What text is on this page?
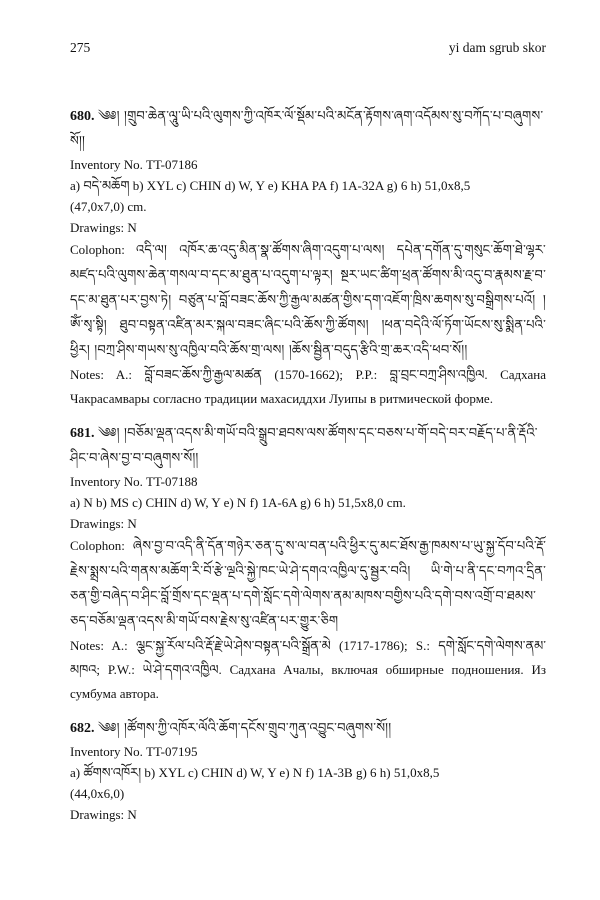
275	yi dam sgrub skor

680. ༄༅། །གྲུབ་ཆེན་ལཱུ་ཡི་པའི་ལུགས་ཀྱི་འཁོར་ལོ་སྡོམ་པའི་མངོན་རྟོགས་ཞག་འདོམས་སུ་བཀོད་པ་བཞུགས་སོ།།

Inventory No. TT-07186

a) བདེ་མཆོག b) XYL c) CHIN d) W, Y e) KHA PA f) 1A-32A g) 6 h) 51,0x8,5

(47,0x7,0) cm.

Drawings: N

Colophon: འདི་ལ། འཁོར་ཆ་འདུ་མིན་སྣ་ཚོགས་ཞིག་འདུག་པ་ལས། དཔེན་དགོན་དུ་གསུང་ཆོག་ཐེ་ལྷར་མཛད་པའི་ལུགས་ཆེན་གསལ་བ་དང་མ་ཐུན་པ་འདུག་པ་ལྟར། སྔར་ཡང་ཚིག་ཕྲན་ཚོགས་མི་འདུ་བ་རྣམས་རྗ་བ་དང་མ་ཐུན་པར་བྱས་ཏེ། བཙུན་པ་བློ་བཟང་ཆོས་ཀྱི་རྒྱལ་མཚན་གྱིས་དག་འཇོག་ཁྲིས་ཆགས་སུ་བསྒྲིགས་པའོ། །ཨོཾ་སྭ་སྟི། ཐུབ་བསྟན་འཛིན་མར་སྐལ་བཟང་ཞིང་པའི་ཆོས་ཀྱི་ཚོགས། །ཕན་བདེའི་ལོ་ཏོག་ཡོངས་སུ་སྨིན་པའི་ཕྱིར། །བཀྲ་ཤིས་གཡས་སུ་འཁྱིལ་བའི་ཆོས་གྲ་ལས། །ཆོས་སྦྱིན་བདུད་རྩིའི་གྲ་ཆར་འདི་ཕབ་སོ།།

Notes: A.: བློ་བཟང་ཆོས་ཀྱི་རྒྱལ་མཚན (1570-1662); P.P.: བླ་བྲང་བཀྲ་ཤིས་འཁྱིལ. Садхана Чакрасамвары согласно традиции махасиддхи Луипы в ритмической форме.

681. ༄༅། །བཅོམ་ལྡན་འདས་མི་གཡོ་བའི་སྒྲུབ་ཐབས་ལས་ཚོགས་དང་བཅས་པ་གོ་བདེ་བར་བརྗོད་པ་ནི་རྡོའི་ཤིང་བ་ཞེས་བྱ་བ་བཞུགས་སོ།།

Inventory No. TT-07188

a) N b) MS c) CHIN d) W, Y e) N f) 1A-6A g) 6 h) 51,5x8,0 cm.

Drawings: N

Colophon: ཞེས་བྱ་བ་འདི་ནི་དོན་གཉེར་ཅན་དུ་ས་ལ་བན་པའི་ཕྱིར་དུ་མང་ཐོས་རྒྱ་ཁམས་པ་ཡུ་སྐྱ་དོབ་པའི་རྡོ་རྗེས་སྨྲས་པའི་གནས་མཆོག་རི་བོ་རྩེ་ལྔའི་སྐྱེ་ཁང་ཡེ་ཤེ་དགའ་འཁྱིལ་དུ་སྦྱར་བའི། ཡི་གེ་པ་ནི་དང་བཀའ་དྲིན་ཅན་གྱི་བཞེད་བ་ཤིང་བློ་གྲོས་དང་ལྡན་པ་དགེ་སློང་དགེ་ལེགས་ནམ་མཁས་བགྱིས་པའི་དགེ་བས་འགྲོ་བ་ཐམས་ཅད་བཅོམ་ལྡན་འདས་མི་གཡོ་བས་རྗེས་སུ་འཛིན་པར་གྱུར་ཅིག

Notes: A.: ལྕང་སྐྱ་རོལ་པའི་རྡོ་རྗེ་ཡེ་ཤེས་བསྟན་པའི་སྒྲོན་མེ (1717-1786); S.: དགེ་སློང་དགེ་ལེགས་ནམ་མཁའ; P.W.: ཡེ་ཤེ་དགའ་འཁྱིལ. Садхана Ачалы, включая обширные подношения. Из сумбума автора.

682. ༄༅། །ཚོགས་ཀྱི་འཁོར་ལོའི་ཆོག་དངོས་གྲུབ་ཀུན་འབྱུང་བཞུགས་སོ།།

Inventory No. TT-07195

a) ཚོགས་འཁོར། b) XYL c) CHIN d) W, Y e) N f) 1A-3B g) 6 h) 51,0x8,5

(44,0x6,0)

Drawings: N
